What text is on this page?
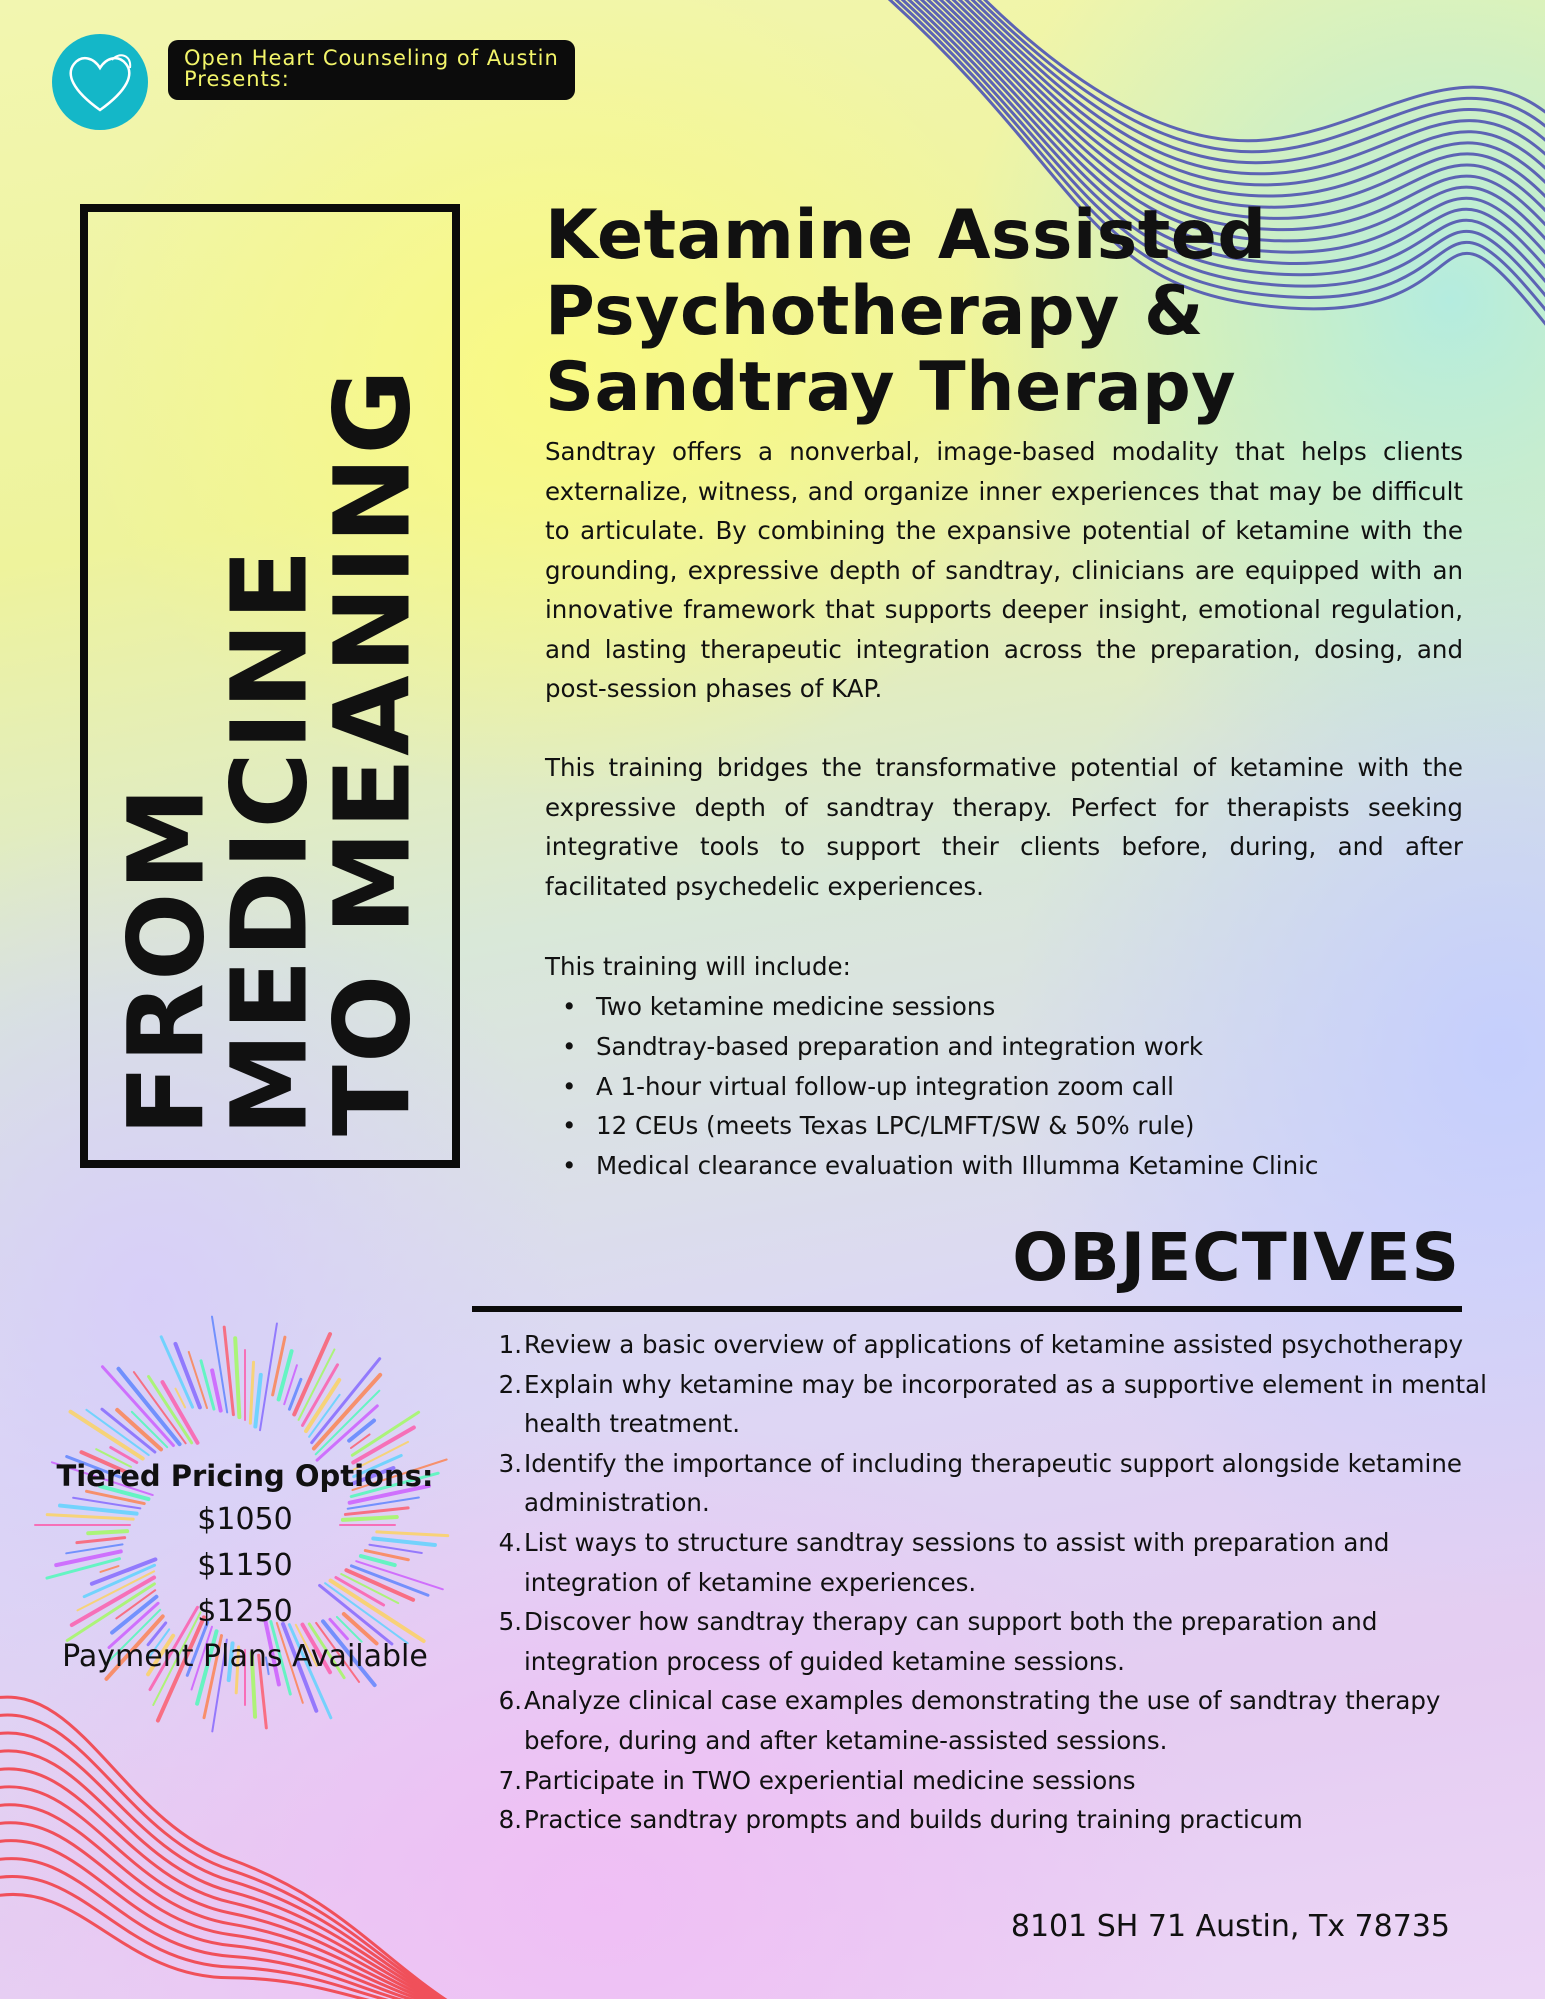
Open Heart Counseling of Austin
Presents:
FROM
MEDICINE
TO MEANING
Ketamine Assisted
Psychotherapy &
Sandtray Therapy

Sandtray offers a nonverbal, image-based modality that helps clients externalize, witness, and organize inner experiences that may be difficult to articulate. By combining the expansive potential of ketamine with the grounding, expressive depth of sandtray, clinicians are equipped with an innovative framework that supports deeper insight, emotional regulation, and lasting therapeutic integration across the preparation, dosing, and post-session phases of KAP.

This training bridges the transformative potential of ketamine with the expressive depth of sandtray therapy. Perfect for therapists seeking integrative tools to support their clients before, during, and after facilitated psychedelic experiences.

This training will include:

• Two ketamine medicine sessions
• Sandtray-based preparation and integration work
• A 1-hour virtual follow-up integration zoom call
• 12 CEUs (meets Texas LPC/LMFT/SW & 50% rule)
• Medical clearance evaluation with Illumma Ketamine Clinic
OBJECTIVES
1. Review a basic overview of applications of ketamine assisted psychotherapy
2. Explain why ketamine may be incorporated as a supportive element in mental health treatment.
3. Identify the importance of including therapeutic support alongside ketamine administration.
4. List ways to structure sandtray sessions to assist with preparation and integration of ketamine experiences.
5. Discover how sandtray therapy can support both the preparation and integration process of guided ketamine sessions.
6. Analyze clinical case examples demonstrating the use of sandtray therapy before, during and after ketamine-assisted sessions.
7. Participate in TWO experiential medicine sessions
8. Practice sandtray prompts and builds during training practicum

Tiered Pricing Options:

$1050

$1150

$1250

Payment Plans Available

8101 SH 71 Austin, Tx 78735
